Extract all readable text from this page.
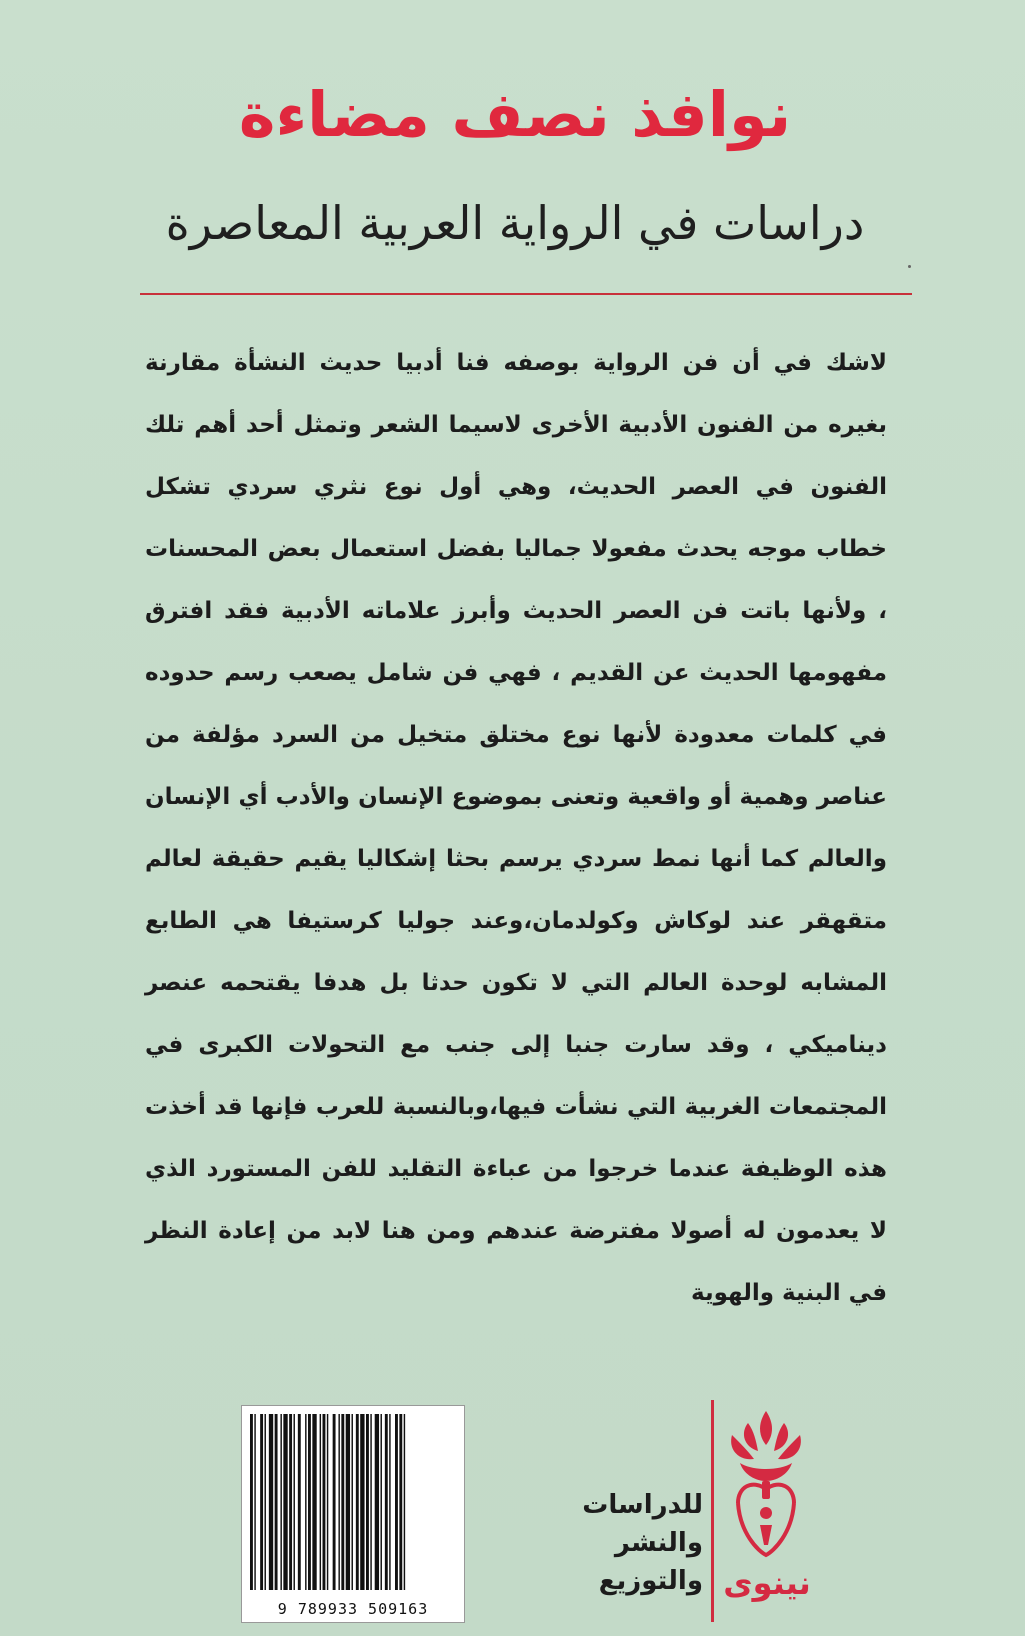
نوافذ نصف مضاءة
دراسات في الرواية العربية المعاصرة

لاشك في أن فن الرواية بوصفه فنا أدبيا حديث النشأة مقارنة بغيره من الفنون الأدبية الأخرى لاسيما الشعر وتمثل أحد أهم تلك الفنون في العصر الحديث، وهي أول نوع نثري سردي تشكل خطاب موجه يحدث مفعولا جماليا بفضل استعمال بعض المحسنات ، ولأنها باتت فن العصر الحديث وأبرز علاماته الأدبية فقد افترق مفهومها الحديث عن القديم ، فهي فن شامل يصعب رسم حدوده في كلمات معدودة لأنها نوع مختلق متخيل من السرد مؤلفة من عناصر وهمية أو واقعية وتعنى بموضوع الإنسان والأدب أي الإنسان والعالم كما أنها نمط سردي يرسم بحثا إشكاليا يقيم حقيقة لعالم متقهقر عند لوكاش وكولدمان،وعند جوليا كرستيفا هي الطابع المشابه لوحدة العالم التي لا تكون حدثا بل هدفا يقتحمه عنصر ديناميكي ، وقد سارت جنبا إلى جنب مع التحولات الكبرى في المجتمعات الغربية التي نشأت فيها،وبالنسبة للعرب فإنها قد أخذت هذه الوظيفة عندما خرجوا من عباءة التقليد للفن المستورد الذي لا يعدمون له أصولا مفترضة عندهم ومن هنا لابد من إعادة النظر في البنية والهوية

9 789933 509163
للدراسات
والنشر
والتوزيع نينوى
